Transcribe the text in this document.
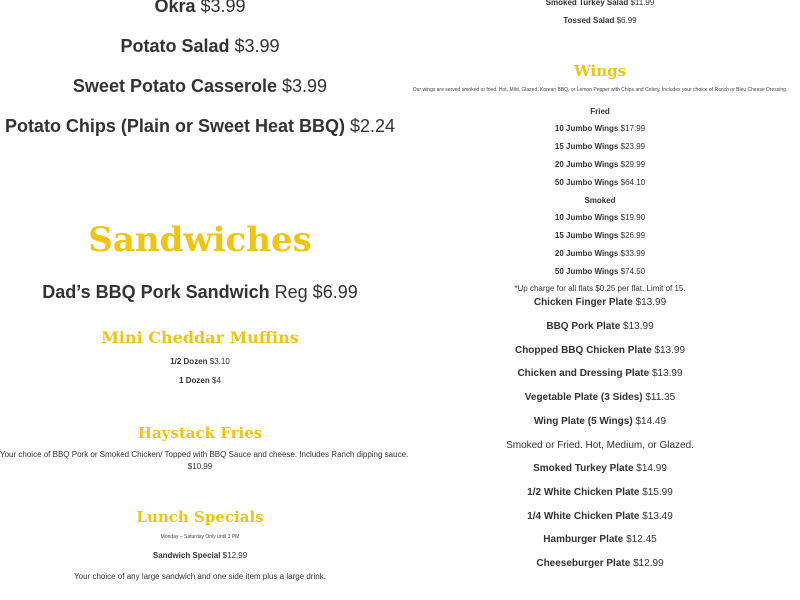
Okra $3.99
Potato Salad $3.99
Sweet Potato Casserole $3.99
Potato Chips (Plain or Sweet Heat BBQ) $2.24
Sandwiches
Dad’s BBQ Pork Sandwich Reg $6.99
Mini Cheddar Muffins
1/2 Dozen $3.10
1 Dozen $4
Haystack Fries
Your choice of BBQ Pork or Smoked Chicken/ Topped with BBQ Sauce and cheese. Includes Ranch dipping sauce.
$10.99
Lunch Specials
Monday – Saturday Only until 3 PM
Sandwich Special $12.99
Your choice of any large sandwich and one side item plus a large drink.
Smoked Turkey Salad $11.99
Tossed Salad $6.99
Wings
Our wings are served smoked or fried. Hot, Mild, Glazed, Korean BBQ, or Lemon Pepper with Chips and Celery. Includes your choice of Ranch or Bleu Cheese Dressing.
Fried
10 Jumbo Wings $17.99
15 Jumbo Wings $23.99
20 Jumbo Wings $29.99
50 Jumbo Wings $64.10
Smoked
10 Jumbo Wings $19.90
15 Jumbo Wings $26.99
20 Jumbo Wings $33.99
50 Jumbo Wings $74.50
*Up charge for all flats $0.25 per flat. Limit of 15.
Chicken Finger Plate $13.99
BBQ Pork Plate $13.99
Chopped BBQ Chicken Plate $13.99
Chicken and Dressing Plate $13.99
Vegetable Plate (3 Sides) $11.35
Wing Plate (5 Wings) $14.49
Smoked or Fried. Hot, Medium, or Glazed.
Smoked Turkey Plate $14.99
1/2 White Chicken Plate $15.99
1/4 White Chicken Plate $13.49
Hamburger Plate $12.45
Cheeseburger Plate $12.99
